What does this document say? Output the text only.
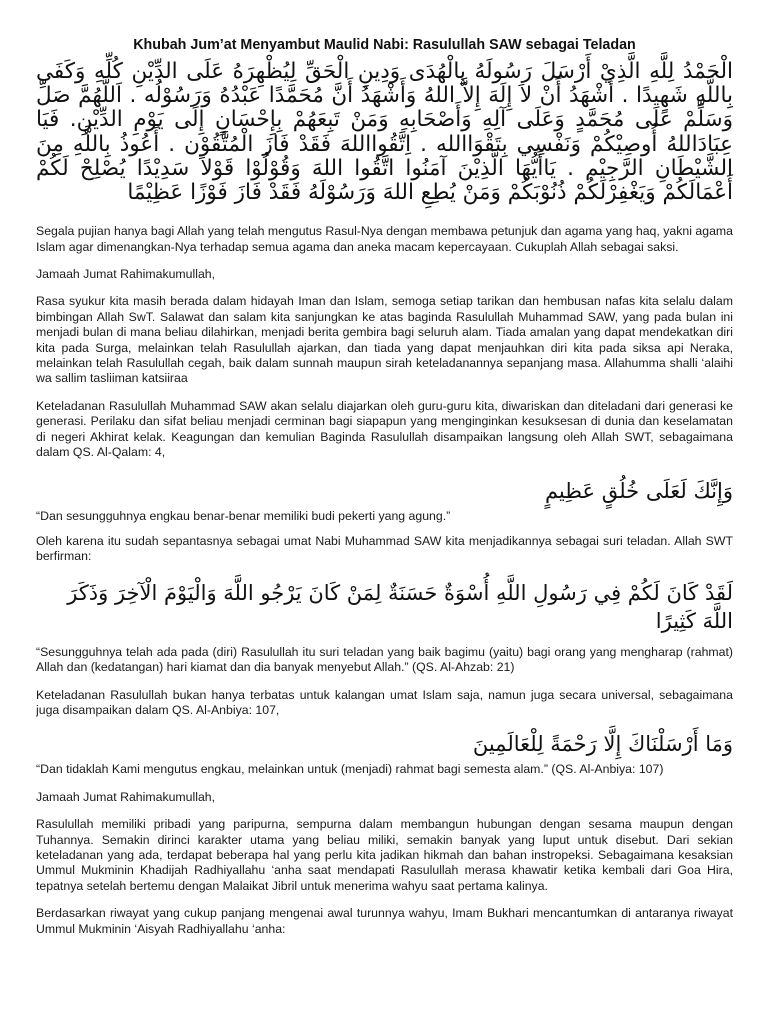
Khubah Jum’at Menyambut Maulid Nabi: Rasulullah SAW sebagai Teladan
الْحَمْدُ لِلَّهِ الَّذِيْ أَرْسَلَ رَسُولَهُ بِالْهُدَى وَدِينِ الْحَقِّ لِيُظْهِرَهُ عَلَى الدِّيْنِ كُلِّهِ وَكَفَى بِاللَّهِ شَهِيدًا . أَشْهَدُ أَنْ لاَ إِلَهَ إِلاَّ اللهُ وَأَشْهَدُ أَنَّ مُحَمَّدًا عَبْدُهُ وَرَسُوْلُه . اَللَّهُمَّ صَلِّ وَسَلِّمْ عَلَى مُحَمَّدٍ وَعَلَى آلِهِ وَأَصْحَابِهِ وَمَنْ تَبِعَهُمْ بِإِحْسَانٍ إِلَى يَوْمِ الدِّيْنِ. فَيَا عِبَادَاللهُ أُوصِيْكُمْ وَنَفْسِي بِتَقْوَاالله . اِتَّقُوااللهَ فَقَدْ فَازَ الْمُتَّقُوْن . أَعُوذُ بِاللَّهِ مِنَ الشَّيْطَانِ الرَّجِيْم . يَاأَيُّهَا الَّذِيْنَ آمَنُوا اتَّقُوا اللهَ وَقُوْلُوْا قَوْلاً سَدِيْدًا يُصْلِحْ لَكُمْ أَعْمَالَكُمْ وَيَغْفِرْلَكُمْ ذُنُوْبَكُمْ وَمَنْ يُطِعِ اللهَ وَرَسُوْلَهُ فَقَدْ فَازَ فَوْزًا عَظِيْمًا

Segala pujian hanya bagi Allah yang telah mengutus Rasul-Nya dengan membawa petunjuk dan agama yang haq, yakni agama Islam agar dimenangkan-Nya terhadap semua agama dan aneka macam kepercayaan. Cukuplah Allah sebagai saksi.

Jamaah Jumat Rahimakumullah,

Rasa syukur kita masih berada dalam hidayah Iman dan Islam, semoga setiap tarikan dan hembusan nafas kita selalu dalam bimbingan Allah SwT. Salawat dan salam kita sanjungkan ke atas baginda Rasulullah Muhammad SAW, yang pada bulan ini menjadi bulan di mana beliau dilahirkan, menjadi berita gembira bagi seluruh alam. Tiada amalan yang dapat mendekatkan diri kita pada Surga, melainkan telah Rasulullah ajarkan, dan tiada yang dapat menjauhkan diri kita pada siksa api Neraka, melainkan telah Rasulullah cegah, baik dalam sunnah maupun sirah keteladanannya sepanjang masa. Allahumma shalli ‘alaihi wa sallim tasliiman katsiiraa

Keteladanan Rasulullah Muhammad SAW akan selalu diajarkan oleh guru-guru kita, diwariskan dan diteladani dari generasi ke generasi. Perilaku dan sifat beliau menjadi cerminan bagi siapapun yang menginginkan kesuksesan di dunia dan keselamatan di negeri Akhirat kelak. Keagungan dan kemulian Baginda Rasulullah disampaikan langsung oleh Allah SWT, sebagaimana dalam QS. Al-Qalam: 4,

وَإِنَّكَ لَعَلَى خُلُقٍ عَظِيمٍ

“Dan sesungguhnya engkau benar-benar memiliki budi pekerti yang agung.”

Oleh karena itu sudah sepantasnya sebagai umat Nabi Muhammad SAW kita menjadikannya sebagai suri teladan. Allah SWT berfirman:

لَقَدْ كَانَ لَكُمْ فِي رَسُولِ اللَّهِ أُسْوَةٌ حَسَنَةٌ لِمَنْ كَانَ يَرْجُو اللَّهَ وَالْيَوْمَ الْآخِرَ وَذَكَرَ اللَّهَ كَثِيرًا

“Sesungguhnya telah ada pada (diri) Rasulullah itu suri teladan yang baik bagimu (yaitu) bagi orang yang mengharap (rahmat) Allah dan (kedatangan) hari kiamat dan dia banyak menyebut Allah.” (QS. Al-Ahzab: 21)

Keteladanan Rasulullah bukan hanya terbatas untuk kalangan umat Islam saja, namun juga secara universal, sebagaimana juga disampaikan dalam QS. Al-Anbiya: 107,

وَمَا أَرْسَلْنَاكَ إِلَّا رَحْمَةً لِلْعَالَمِينَ

“Dan tidaklah Kami mengutus engkau, melainkan untuk (menjadi) rahmat bagi semesta alam.” (QS. Al-Anbiya: 107)

Jamaah Jumat Rahimakumullah,

Rasulullah memiliki pribadi yang paripurna, sempurna dalam membangun hubungan dengan sesama maupun dengan Tuhannya. Semakin dirinci karakter utama yang beliau miliki, semakin banyak yang luput untuk disebut. Dari sekian keteladanan yang ada, terdapat beberapa hal yang perlu kita jadikan hikmah dan bahan instropeksi. Sebagaimana kesaksian Ummul Mukminin Khadijah Radhiyallahu ‘anha saat mendapati Rasulullah merasa khawatir ketika kembali dari Goa Hira, tepatnya setelah bertemu dengan Malaikat Jibril untuk menerima wahyu saat pertama kalinya.

Berdasarkan riwayat yang cukup panjang mengenai awal turunnya wahyu, Imam Bukhari mencantumkan di antaranya riwayat Ummul Mukminin ‘Aisyah Radhiyallahu ‘anha:
